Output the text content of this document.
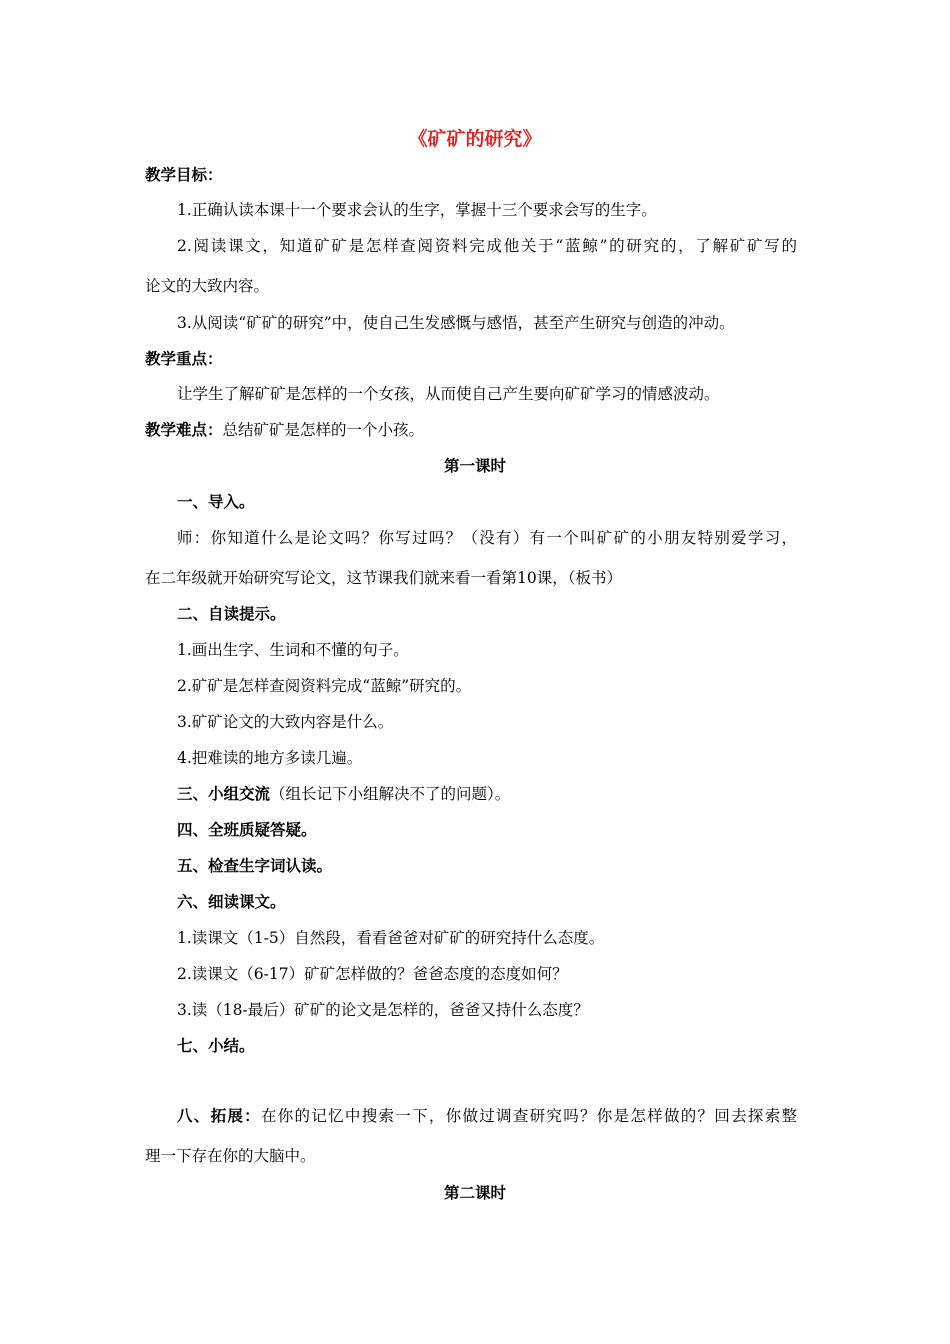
《矿矿的研究》
教学目标：
1.正确认读本课十一个要求会认的生字，掌握十三个要求会写的生字。
2.阅读课文，知道矿矿是怎样查阅资料完成他关于“蓝鲸”的研究的，了解矿矿写的
论文的大致内容。
3.从阅读“矿矿的研究”中，使自己生发感慨与感悟，甚至产生研究与创造的冲动。
教学重点：
让学生了解矿矿是怎样的一个女孩，从而使自己产生要向矿矿学习的情感波动。
教学难点：总结矿矿是怎样的一个小孩。
第一课时
一、导入。
师：你知道什么是论文吗？你写过吗？（没有）有一个叫矿矿的小朋友特别爱学习，
在二年级就开始研究写论文，这节课我们就来看一看第10课，（板书）
二、自读提示。
1.画出生字、生词和不懂的句子。
2.矿矿是怎样查阅资料完成“蓝鲸”研究的。
3.矿矿论文的大致内容是什么。
4.把难读的地方多读几遍。
三、小组交流（组长记下小组解决不了的问题）。
四、全班质疑答疑。
五、检查生字词认读。
六、细读课文。
1.读课文（1-5）自然段，看看爸爸对矿矿的研究持什么态度。
2.读课文（6-17）矿矿怎样做的？爸爸态度的态度如何？
3.读（18-最后）矿矿的论文是怎样的，爸爸又持什么态度？
七、小结。
八、拓展：在你的记忆中搜索一下，你做过调查研究吗？你是怎样做的？回去探索整
理一下存在你的大脑中。
第二课时
